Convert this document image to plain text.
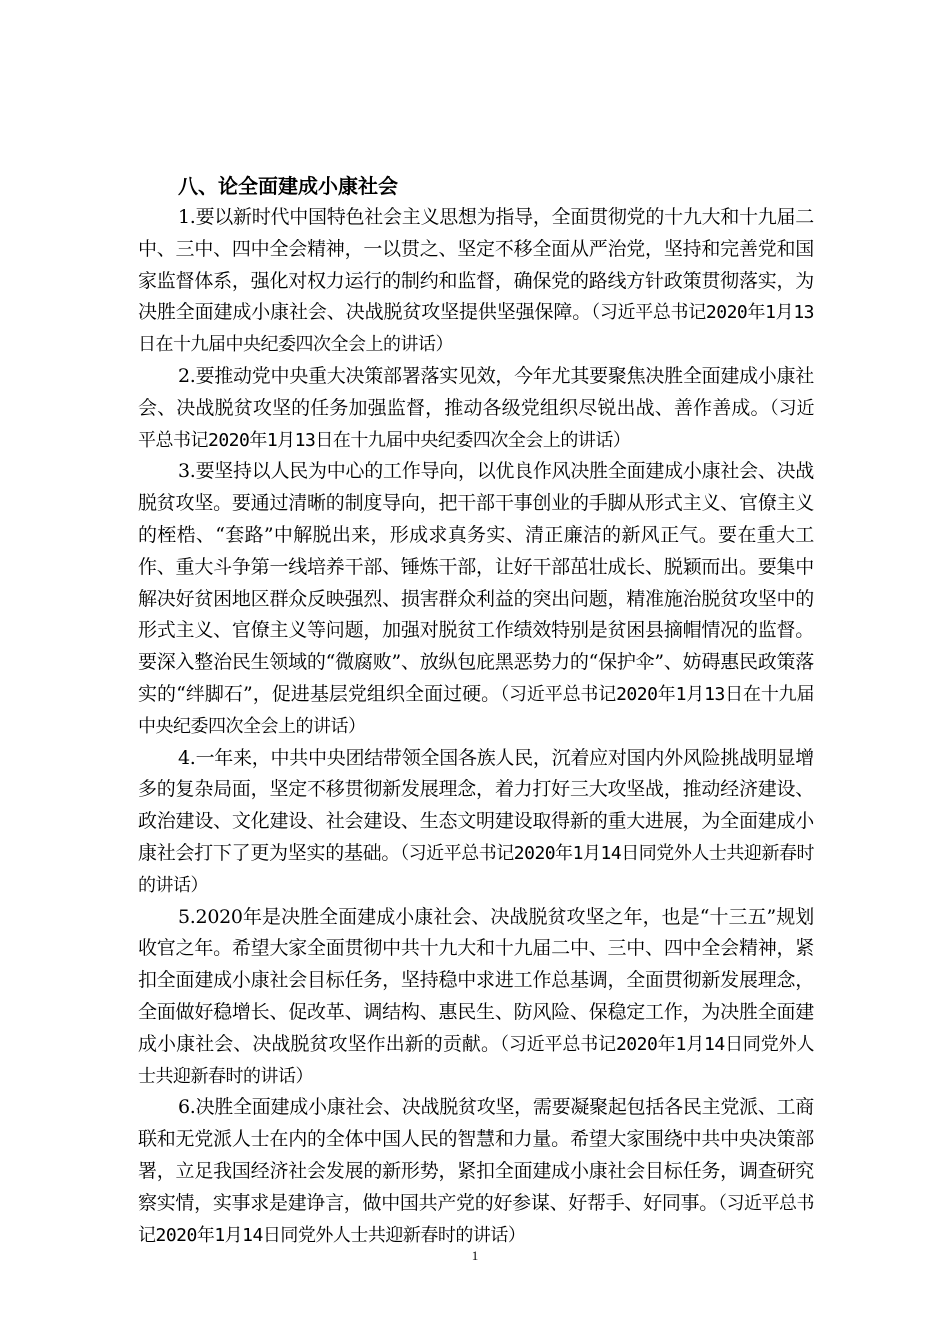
八、论全面建成小康社会

1.要以新时代中国特色社会主义思想为指导，全面贯彻党的十九大和十九届二中、三中、四中全会精神，一以贯之、坚定不移全面从严治党，坚持和完善党和国家监督体系，强化对权力运行的制约和监督，确保党的路线方针政策贯彻落实，为决胜全面建成小康社会、决战脱贫攻坚提供坚强保障。（习近平总书记2020年1月13日在十九届中央纪委四次全会上的讲话）

2.要推动党中央重大决策部署落实见效，今年尤其要聚焦决胜全面建成小康社会、决战脱贫攻坚的任务加强监督，推动各级党组织尽锐出战、善作善成。（习近平总书记2020年1月13日在十九届中央纪委四次全会上的讲话）

3.要坚持以人民为中心的工作导向，以优良作风决胜全面建成小康社会、决战脱贫攻坚。要通过清晰的制度导向，把干部干事创业的手脚从形式主义、官僚主义的桎梏、“套路”中解脱出来，形成求真务实、清正廉洁的新风正气。要在重大工作、重大斗争第一线培养干部、锤炼干部，让好干部茁壮成长、脱颖而出。要集中解决好贫困地区群众反映强烈、损害群众利益的突出问题，精准施治脱贫攻坚中的形式主义、官僚主义等问题，加强对脱贫工作绩效特别是贫困县摘帽情况的监督。要深入整治民生领域的“微腐败”、放纵包庇黑恶势力的“保护伞”、妨碍惠民政策落实的“绊脚石”，促进基层党组织全面过硬。（习近平总书记2020年1月13日在十九届中央纪委四次全会上的讲话）

4.一年来，中共中央团结带领全国各族人民，沉着应对国内外风险挑战明显增多的复杂局面，坚定不移贯彻新发展理念，着力打好三大攻坚战，推动经济建设、政治建设、文化建设、社会建设、生态文明建设取得新的重大进展，为全面建成小康社会打下了更为坚实的基础。（习近平总书记2020年1月14日同党外人士共迎新春时的讲话）

5.2020年是决胜全面建成小康社会、决战脱贫攻坚之年，也是“十三五”规划收官之年。希望大家全面贯彻中共十九大和十九届二中、三中、四中全会精神，紧扣全面建成小康社会目标任务，坚持稳中求进工作总基调，全面贯彻新发展理念，全面做好稳增长、促改革、调结构、惠民生、防风险、保稳定工作，为决胜全面建成小康社会、决战脱贫攻坚作出新的贡献。（习近平总书记2020年1月14日同党外人士共迎新春时的讲话）

6.决胜全面建成小康社会、决战脱贫攻坚，需要凝聚起包括各民主党派、工商联和无党派人士在内的全体中国人民的智慧和力量。希望大家围绕中共中央决策部署，立足我国经济社会发展的新形势，紧扣全面建成小康社会目标任务，调查研究察实情，实事求是建诤言，做中国共产党的好参谋、好帮手、好同事。（习近平总书记2020年1月14日同党外人士共迎新春时的讲话）

1
